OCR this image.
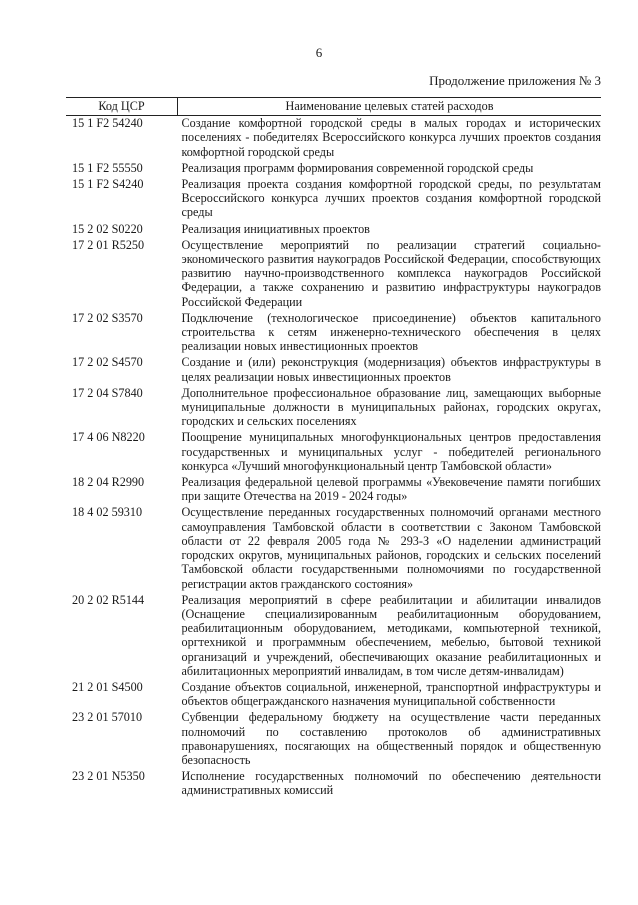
6
Продолжение приложения № 3
Код ЦСР	Наименование целевых статей расходов
15 1 F2 54240	Создание комфортной городской среды в малых городах и исторических поселениях - победителях Всероссийского конкурса лучших проектов создания комфортной городской среды
15 1 F2 55550	Реализация программ формирования современной городской среды
15 1 F2 S4240	Реализация проекта создания комфортной городской среды, по результатам Всероссийского конкурса лучших проектов создания комфортной городской среды
15 2 02 S0220	Реализация инициативных проектов
17 2 01 R5250	Осуществление мероприятий по реализации стратегий социально-экономического развития наукоградов Российской Федерации, способствующих развитию научно-производственного комплекса наукоградов Российской Федерации, а также сохранению и развитию инфраструктуры наукоградов Российской Федерации
17 2 02 S3570	Подключение (технологическое присоединение) объектов капитального строительства к сетям инженерно-технического обеспечения в целях реализации новых инвестиционных проектов
17 2 02 S4570	Создание и (или) реконструкция (модернизация) объектов инфраструктуры в целях реализации новых инвестиционных проектов
17 2 04 S7840	Дополнительное профессиональное образование лиц, замещающих выборные муниципальные должности в муниципальных районах, городских округах, городских и сельских поселениях
17 4 06 N8220	Поощрение муниципальных многофункциональных центров предоставления государственных и муниципальных услуг - победителей регионального конкурса «Лучший многофункциональный центр Тамбовской области»
18 2 04 R2990	Реализация федеральной целевой программы «Увековечение памяти погибших при защите Отечества на 2019 - 2024 годы»
18 4 02 59310	Осуществление переданных государственных полномочий органами местного самоуправления Тамбовской области в соответствии с Законом Тамбовской области от 22 февраля 2005 года № 293-З «О наделении администраций городских округов, муниципальных районов, городских и сельских поселений Тамбовской области государственными полномочиями по государственной регистрации актов гражданского состояния»
20 2 02 R5144	Реализация мероприятий в сфере реабилитации и абилитации инвалидов (Оснащение специализированным реабилитационным оборудованием, реабилитационным оборудованием, методиками, компьютерной техникой, оргтехникой и программным обеспечением, мебелью, бытовой техникой организаций и учреждений, обеспечивающих оказание реабилитационных и абилитационных мероприятий инвалидам, в том числе детям-инвалидам)
21 2 01 S4500	Создание объектов социальной, инженерной, транспортной инфраструктуры и объектов общегражданского назначения муниципальной собственности
23 2 01 57010	Субвенции федеральному бюджету на осуществление части переданных полномочий по составлению протоколов об административных правонарушениях, посягающих на общественный порядок и общественную безопасность
23 2 01 N5350	Исполнение государственных полномочий по обеспечению деятельности административных комиссий
